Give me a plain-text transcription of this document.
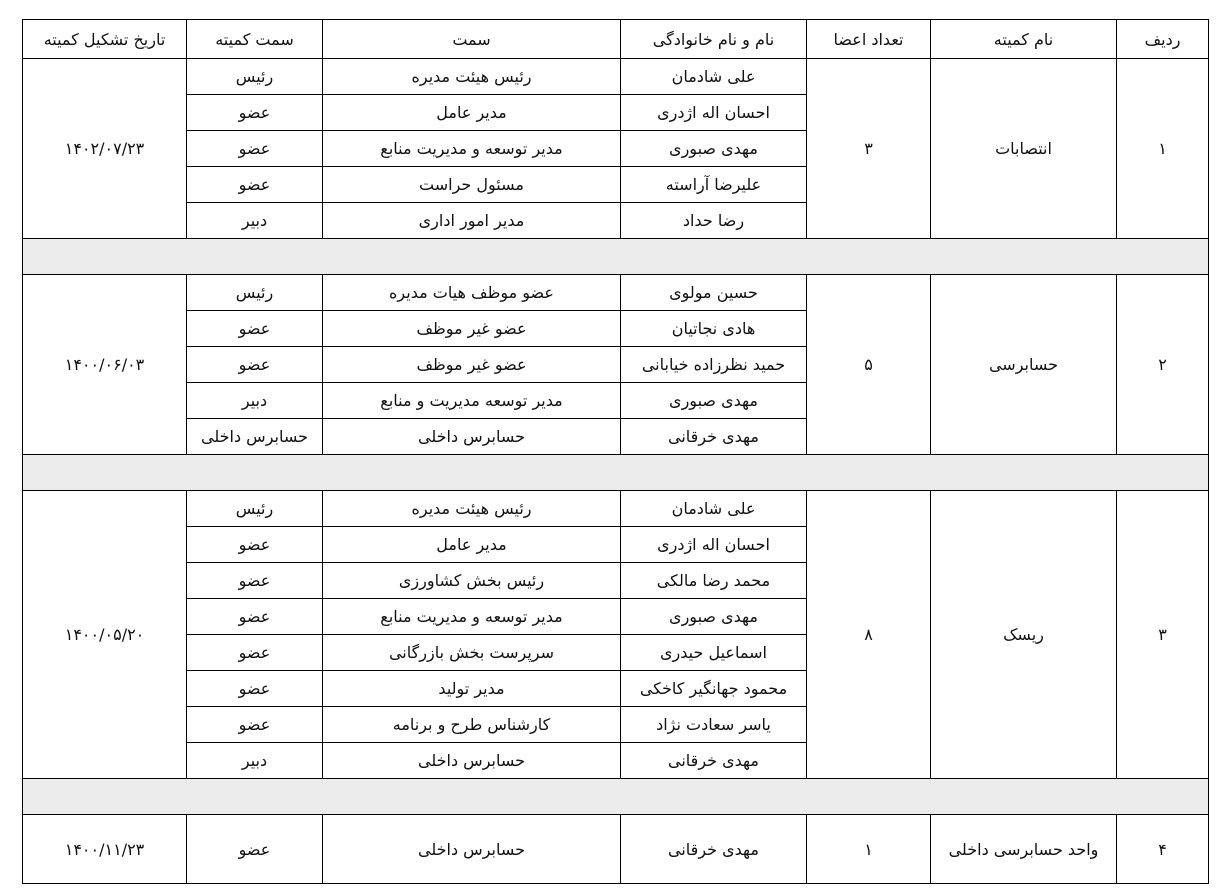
ردیف	نام کمیته	تعداد اعضا	نام و نام خانوادگی	سمت	سمت کمیته	تاریخ تشکیل کمیته
۱	انتصابات	۳	علی شادمان	رئیس هیئت مدیره	رئیس	۱۴۰۲/۰۷/۲۳
			احسان اله اژدری	مدیر عامل	عضو	
			مهدی صبوری	مدیر توسعه و مدیریت منابع	عضو	
			علیرضا آراسته	مسئول حراست	عضو	
			رضا حداد	مدیر امور اداری	دبیر	

۲	حسابرسی	۵	حسین مولوی	عضو موظف هیات مدیره	رئیس	۱۴۰۰/۰۶/۰۳
			هادی نجاتیان	عضو غیر موظف	عضو	
			حمید نظرزاده خیابانی	عضو غیر موظف	عضو	
			مهدی صبوری	مدیر توسعه مدیریت و منابع	دبیر	
			مهدی خرقانی	حسابرس داخلی	حسابرس داخلی	

۳	ریسک	۸	علی شادمان	رئیس هیئت مدیره	رئیس	۱۴۰۰/۰۵/۲۰
			احسان اله اژدری	مدیر عامل	عضو	
			محمد رضا مالکی	رئیس بخش کشاورزی	عضو	
			مهدی صبوری	مدیر توسعه و مدیریت منابع	عضو	
			اسماعیل حیدری	سرپرست بخش بازرگانی	عضو	
			محمود جهانگیر کاخکی	مدیر تولید	عضو	
			یاسر سعادت نژاد	کارشناس طرح و برنامه	عضو	
			مهدی خرقانی	حسابرس داخلی	دبیر	

۴	واحد حسابرسی داخلی	۱	مهدی خرقانی	حسابرس داخلی	عضو	۱۴۰۰/۱۱/۲۳
